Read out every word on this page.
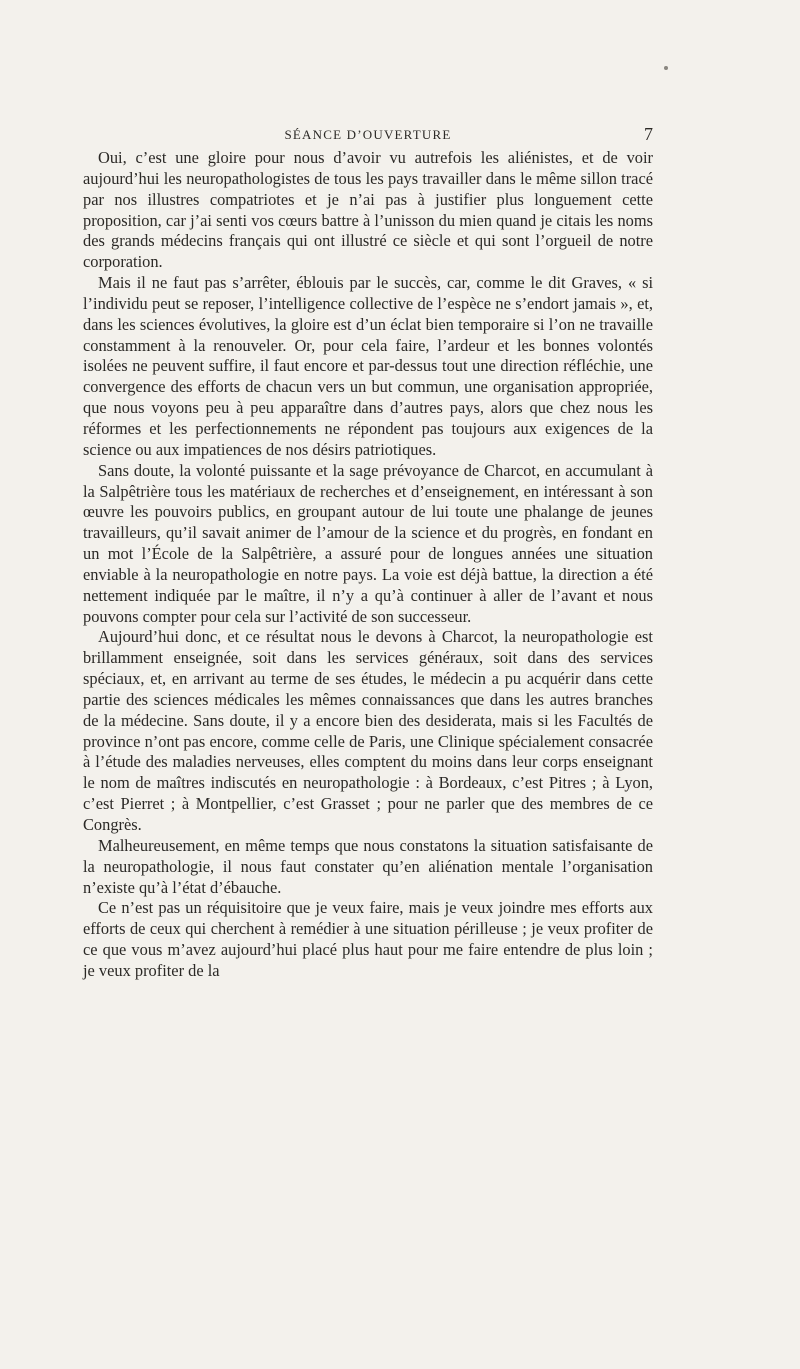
SÉANCE D’OUVERTURE	7

Oui, c’est une gloire pour nous d’avoir vu autrefois les aliénistes, et de voir aujourd’hui les neuropathologistes de tous les pays travailler dans le même sillon tracé par nos illustres compatriotes et je n’ai pas à justifier plus longuement cette proposition, car j’ai senti vos cœurs battre à l’unisson du mien quand je citais les noms des grands médecins français qui ont illustré ce siècle et qui sont l’orgueil de notre corporation.

Mais il ne faut pas s’arrêter, éblouis par le succès, car, comme le dit Graves, « si l’individu peut se reposer, l’intelligence collective de l’espèce ne s’endort jamais », et, dans les sciences évolutives, la gloire est d’un éclat bien temporaire si l’on ne travaille constamment à la renouveler. Or, pour cela faire, l’ardeur et les bonnes volontés isolées ne peuvent suffire, il faut encore et par-dessus tout une direction réfléchie, une convergence des efforts de chacun vers un but commun, une organisation appropriée, que nous voyons peu à peu apparaître dans d’autres pays, alors que chez nous les réformes et les perfectionnements ne répondent pas toujours aux exigences de la science ou aux impatiences de nos désirs patriotiques.

Sans doute, la volonté puissante et la sage prévoyance de Charcot, en accumulant à la Salpêtrière tous les matériaux de recherches et d’enseignement, en intéressant à son œuvre les pouvoirs publics, en groupant autour de lui toute une phalange de jeunes travailleurs, qu’il savait animer de l’amour de la science et du progrès, en fondant en un mot l’École de la Salpêtrière, a assuré pour de longues années une situation enviable à la neuropathologie en notre pays. La voie est déjà battue, la direction a été nettement indiquée par le maître, il n’y a qu’à continuer à aller de l’avant et nous pouvons compter pour cela sur l’activité de son successeur.

Aujourd’hui donc, et ce résultat nous le devons à Charcot, la neuropathologie est brillamment enseignée, soit dans les services généraux, soit dans des services spéciaux, et, en arrivant au terme de ses études, le médecin a pu acquérir dans cette partie des sciences médicales les mêmes connaissances que dans les autres branches de la médecine. Sans doute, il y a encore bien des desiderata, mais si les Facultés de province n’ont pas encore, comme celle de Paris, une Clinique spécialement consacrée à l’étude des maladies nerveuses, elles comptent du moins dans leur corps enseignant le nom de maîtres indiscutés en neuropathologie : à Bordeaux, c’est Pitres ; à Lyon, c’est Pierret ; à Montpellier, c’est Grasset ; pour ne parler que des membres de ce Congrès.

Malheureusement, en même temps que nous constatons la situation satisfaisante de la neuropathologie, il nous faut constater qu’en aliénation mentale l’organisation n’existe qu’à l’état d’ébauche.

Ce n’est pas un réquisitoire que je veux faire, mais je veux joindre mes efforts aux efforts de ceux qui cherchent à remédier à une situation périlleuse ; je veux profiter de ce que vous m’avez aujourd’hui placé plus haut pour me faire entendre de plus loin ; je veux profiter de la
